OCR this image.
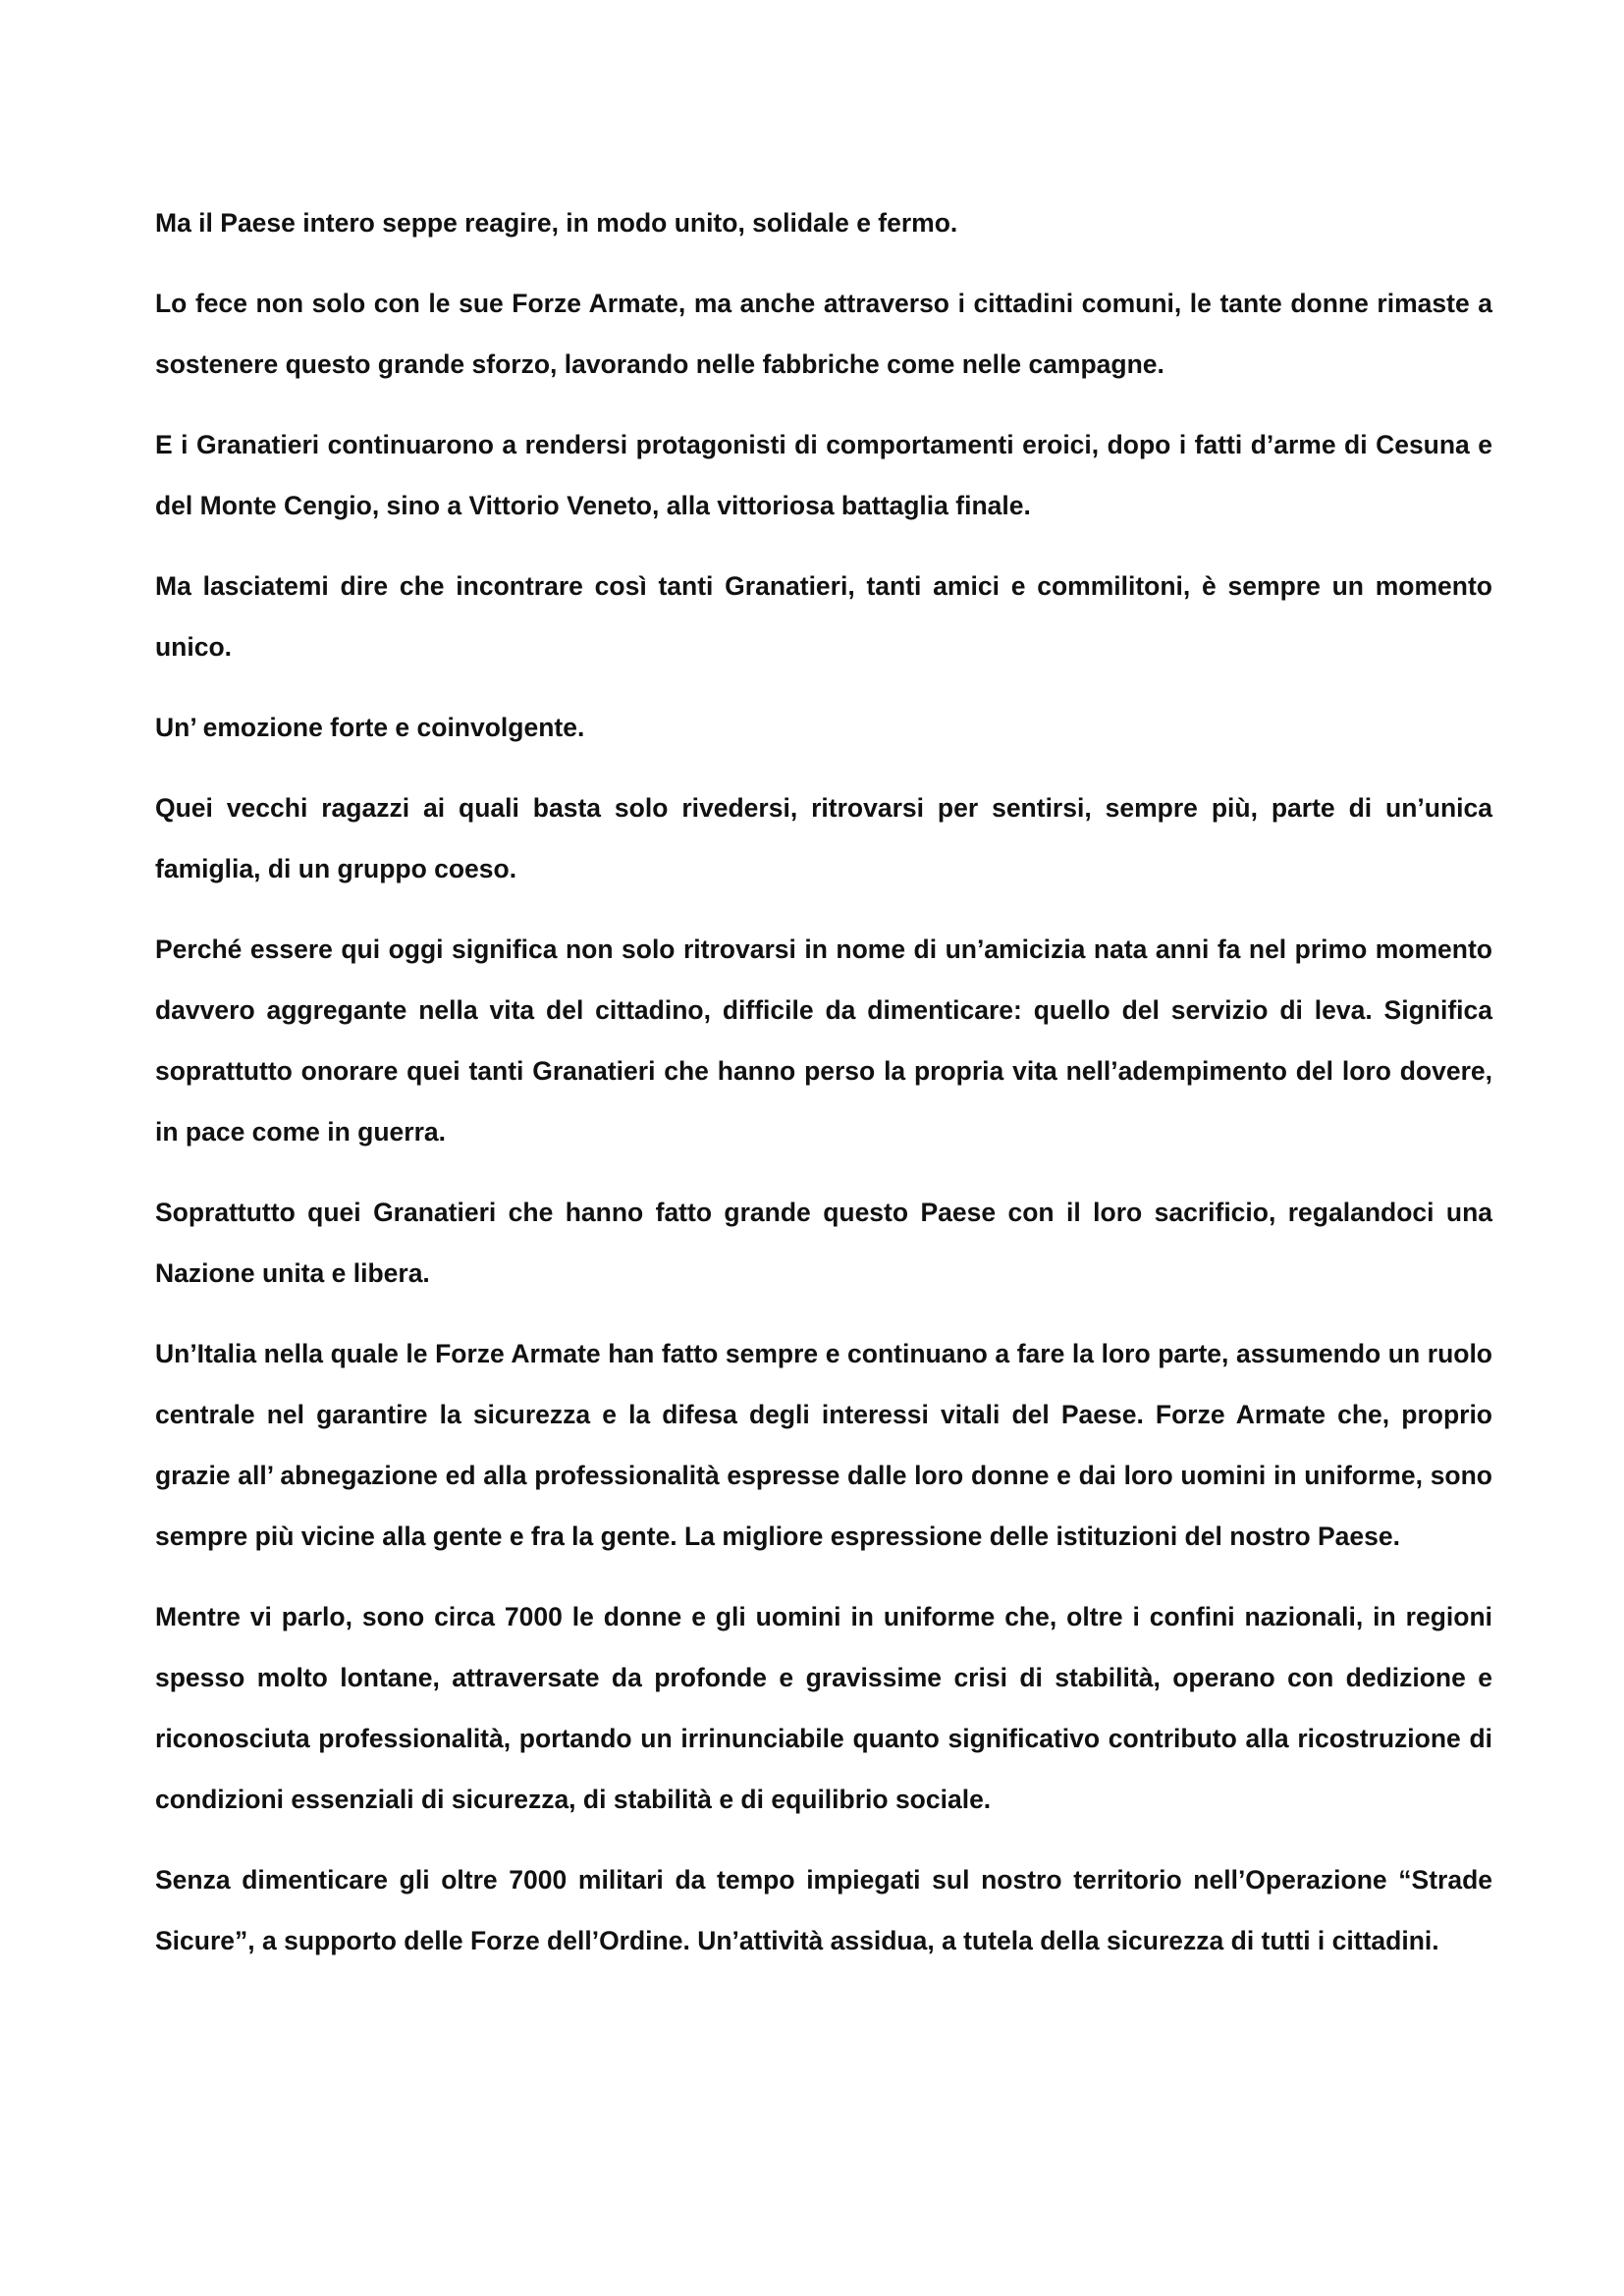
Ma il Paese intero seppe reagire, in modo unito, solidale e fermo.

Lo fece non solo con le sue Forze Armate, ma anche attraverso i cittadini comuni, le tante donne rimaste a sostenere questo grande sforzo, lavorando nelle fabbriche come nelle campagne.

E i Granatieri continuarono a rendersi protagonisti di comportamenti eroici, dopo i fatti d’arme di Cesuna e del Monte Cengio, sino a Vittorio Veneto, alla vittoriosa battaglia finale.

Ma lasciatemi dire che incontrare così tanti Granatieri, tanti amici e commilitoni, è sempre un momento unico.

Un’ emozione forte e coinvolgente.

Quei vecchi ragazzi ai quali basta solo rivedersi, ritrovarsi per sentirsi, sempre più, parte di un’unica famiglia, di un gruppo coeso.

Perché essere qui oggi significa non solo ritrovarsi in nome di un’amicizia nata anni fa nel primo momento davvero aggregante nella vita del cittadino, difficile da dimenticare: quello del servizio di leva. Significa soprattutto onorare quei tanti Granatieri che hanno perso la propria vita nell’adempimento del loro dovere, in pace come in guerra.

Soprattutto quei Granatieri che hanno fatto grande questo Paese con il loro sacrificio, regalandoci una Nazione unita e libera.

Un’Italia nella quale le Forze Armate han fatto sempre e continuano a fare la loro parte, assumendo un ruolo centrale nel garantire la sicurezza e la difesa degli interessi vitali del Paese. Forze Armate che, proprio grazie all’ abnegazione ed alla professionalità espresse dalle loro donne e dai loro uomini in uniforme, sono sempre più vicine alla gente e fra la gente. La migliore espressione delle istituzioni del nostro Paese.

Mentre vi parlo, sono circa 7000 le donne e gli uomini in uniforme che, oltre i confini nazionali, in regioni spesso molto lontane, attraversate da profonde e gravissime crisi di stabilità, operano con dedizione e riconosciuta professionalità, portando un irrinunciabile quanto significativo contributo alla ricostruzione di condizioni essenziali di sicurezza, di stabilità e di equilibrio sociale.

Senza dimenticare gli oltre 7000 militari da tempo impiegati sul nostro territorio nell’Operazione “Strade Sicure”, a supporto delle Forze dell’Ordine. Un’attività assidua, a tutela della sicurezza di tutti i cittadini.
